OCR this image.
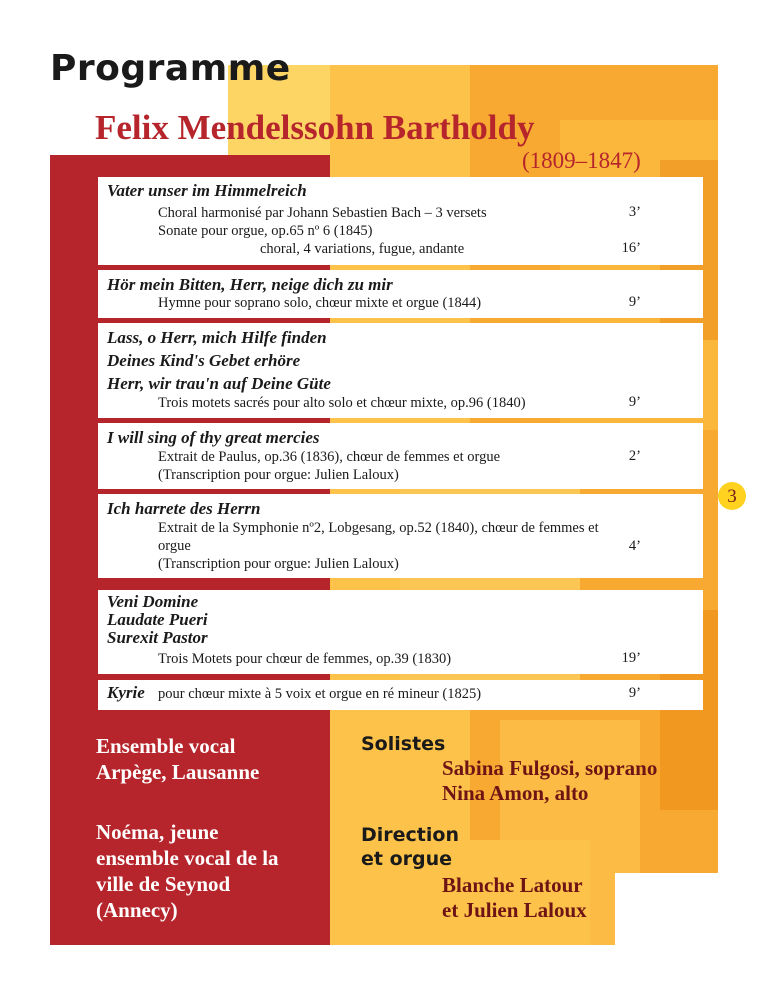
Programme
Felix Mendelssohn Bartholdy
(1809–1847)
Vater unser im Himmelreich
Choral harmonisé par Johann Sebastien Bach – 3 versets	3’
Sonate pour orgue, op.65 nº 6 (1845)
choral, 4 variations, fugue, andante	16’
Hör mein Bitten, Herr, neige dich zu mir
Hymne pour soprano solo, chœur mixte et orgue (1844)	9’
Lass, o Herr, mich Hilfe finden
Deines Kind's Gebet erhöre
Herr, wir trau'n auf Deine Güte
Trois motets sacrés pour alto solo et chœur mixte, op.96 (1840)	9’
I will sing of thy great mercies
Extrait de Paulus, op.36 (1836), chœur de femmes et orgue	2’
(Transcription pour orgue: Julien Laloux)
3
Ich harrete des Herrn
Extrait de la Symphonie nº2, Lobgesang, op.52 (1840), chœur de femmes et orgue	4’
(Transcription pour orgue: Julien Laloux)
Veni Domine
Laudate Pueri
Surexit Pastor
Trois Motets pour chœur de femmes, op.39 (1830)	19’
Kyrie pour chœur mixte à 5 voix et orgue en ré mineur (1825)	9’
Ensemble vocal
Arpège, Lausanne
Noéma, jeune
ensemble vocal de la
ville de Seynod
(Annecy)
Solistes
Sabina Fulgosi, soprano
Nina Amon, alto
Direction
et orgue
Blanche Latour
et Julien Laloux
